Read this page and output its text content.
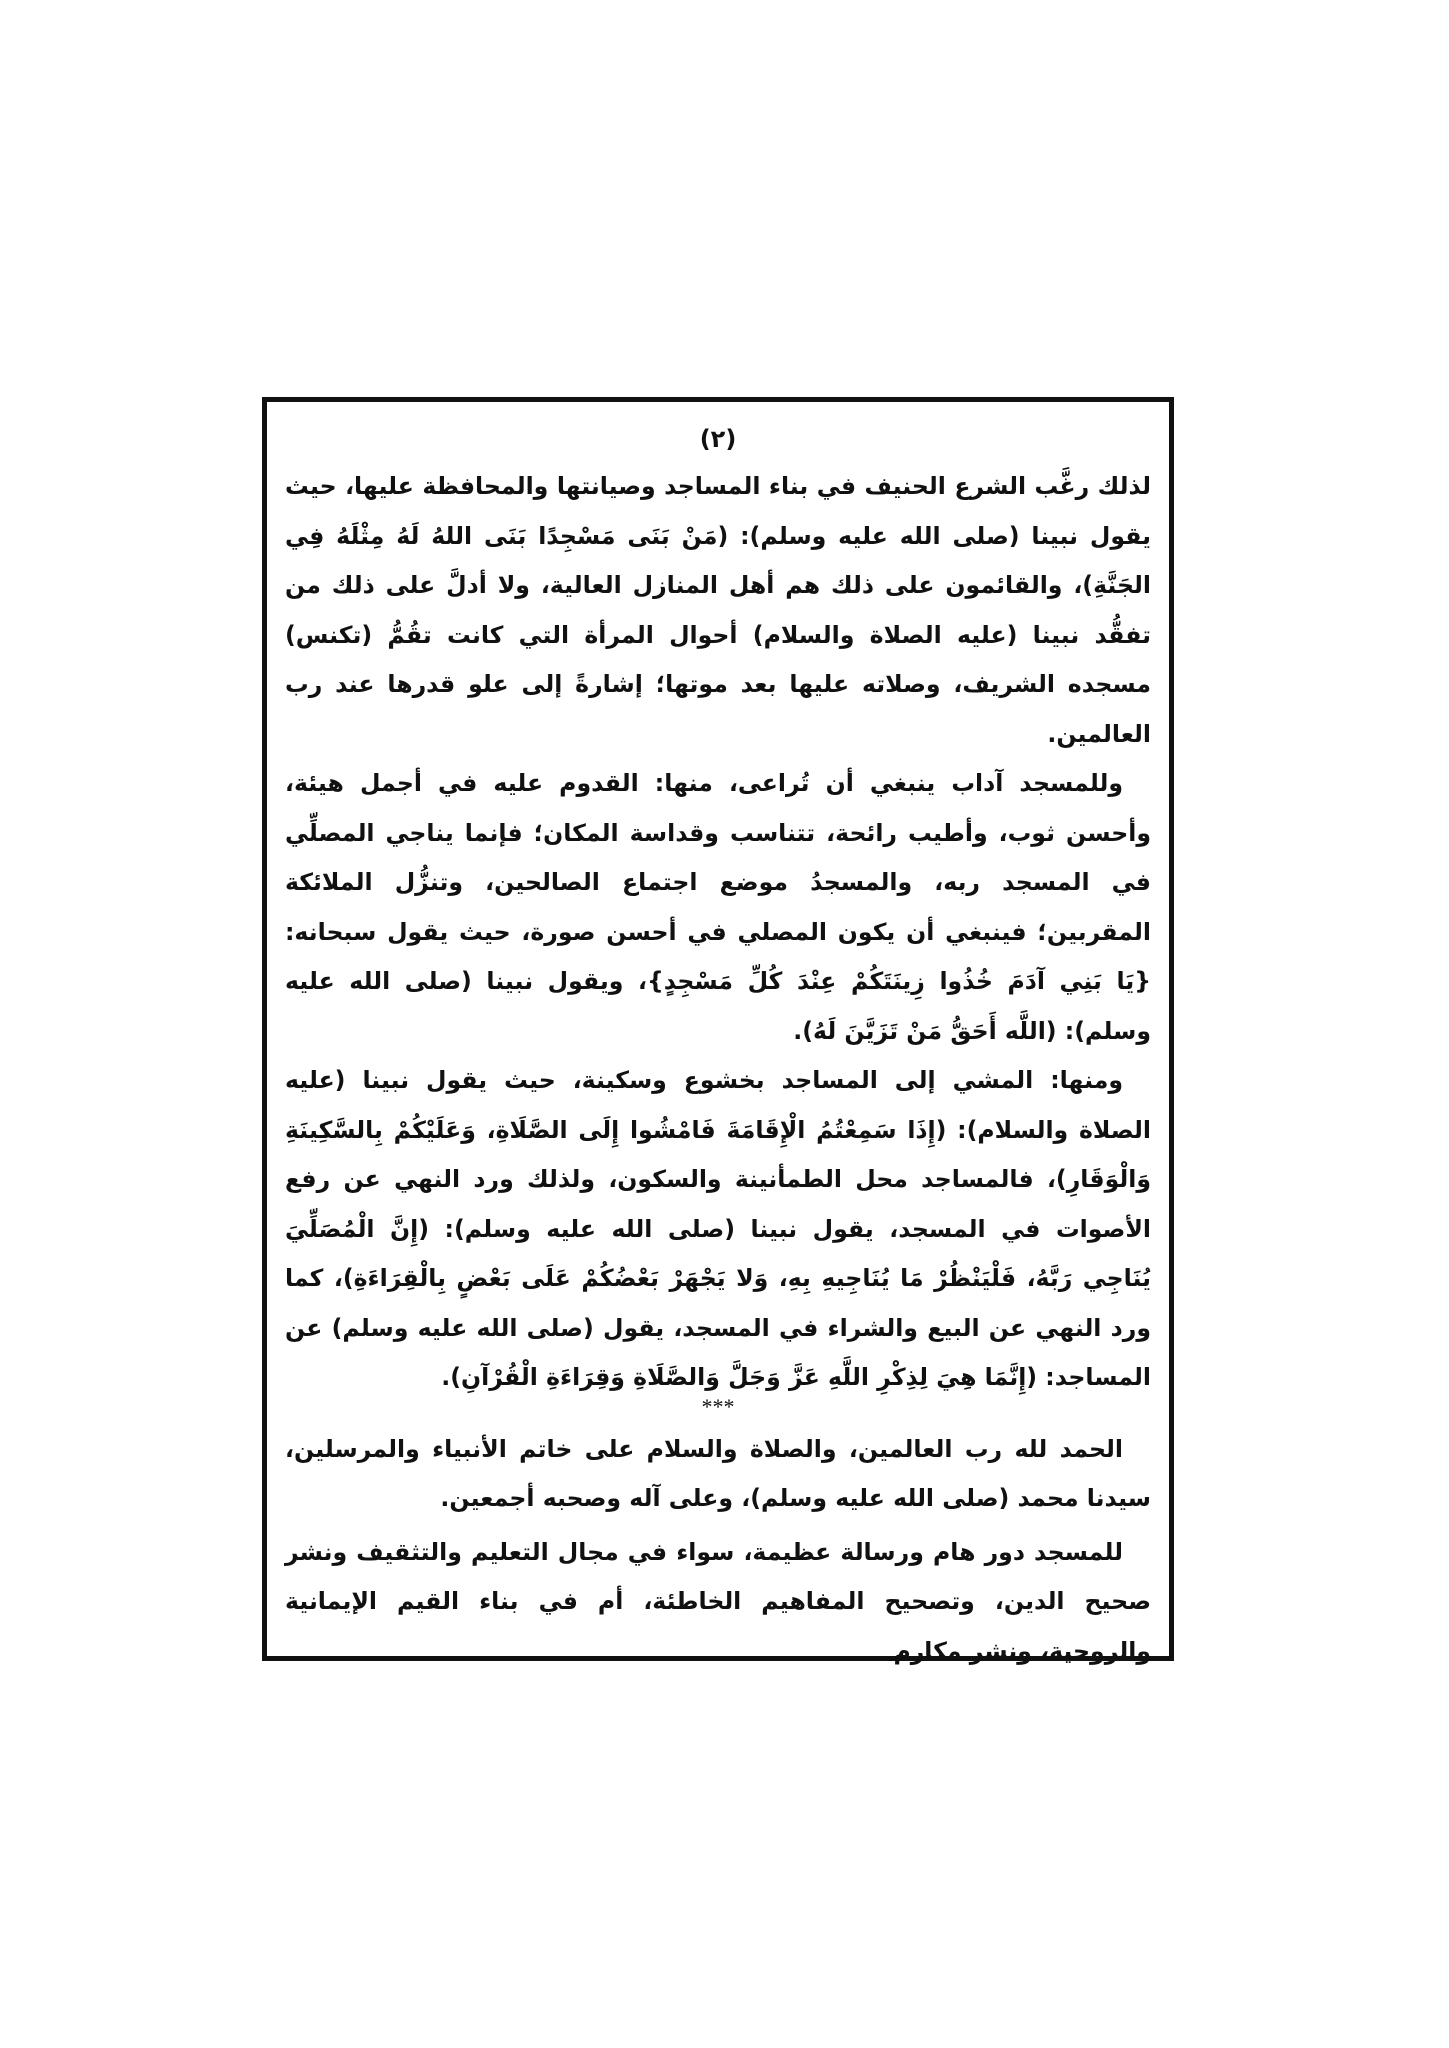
(٢)

لذلك رغَّب الشرع الحنيف في بناء المساجد وصيانتها والمحافظة عليها، حيث يقول نبينا (صلى الله عليه وسلم): (مَنْ بَنَى مَسْجِدًا بَنَى اللهُ لَهُ مِثْلَهُ فِي الجَنَّةِ)، والقائمون على ذلك هم أهل المنازل العالية، ولا أدلَّ على ذلك من تفقُّد نبينا (عليه الصلاة والسلام) أحوال المرأة التي كانت تقُمُّ (تكنس) مسجده الشريف، وصلاته عليها بعد موتها؛ إشارةً إلى علو قدرها عند رب العالمين.

وللمسجد آداب ينبغي أن تُراعى، منها: القدوم عليه في أجمل هيئة، وأحسن ثوب، وأطيب رائحة، تتناسب وقداسة المكان؛ فإنما يناجي المصلِّي في المسجد ربه، والمسجدُ موضع اجتماع الصالحين، وتنزُّل الملائكة المقربين؛ فينبغي أن يكون المصلي في أحسن صورة، حيث يقول سبحانه: {يَا بَنِي آدَمَ خُذُوا زِينَتَكُمْ عِنْدَ كُلِّ مَسْجِدٍ}، ويقول نبينا (صلى الله عليه وسلم): (اللَّه أَحَقُّ مَنْ تَزَيَّنَ لَهُ).

ومنها: المشي إلى المساجد بخشوع وسكينة، حيث يقول نبينا (عليه الصلاة والسلام): (إِذَا سَمِعْتُمُ الْإِقَامَةَ فَامْشُوا إِلَى الصَّلَاةِ، وَعَلَيْكُمْ بِالسَّكِينَةِ وَالْوَقَارِ)، فالمساجد محل الطمأنينة والسكون، ولذلك ورد النهي عن رفع الأصوات في المسجد، يقول نبينا (صلى الله عليه وسلم): (إِنَّ الْمُصَلِّيَ يُنَاجِي رَبَّهُ، فَلْيَنْظُرْ مَا يُنَاجِيهِ بِهِ، وَلا يَجْهَرْ بَعْضُكُمْ عَلَى بَعْضٍ بِالْقِرَاءَةِ)، كما ورد النهي عن البيع والشراء في المسجد، يقول (صلى الله عليه وسلم) عن المساجد: (إِنَّمَا هِيَ لِذِكْرِ اللَّهِ عَزَّ وَجَلَّ وَالصَّلَاةِ وَقِرَاءَةِ الْقُرْآنِ).

***

الحمد لله رب العالمين، والصلاة والسلام على خاتم الأنبياء والمرسلين، سيدنا محمد (صلى الله عليه وسلم)، وعلى آله وصحبه أجمعين.

للمسجد دور هام ورسالة عظيمة، سواء في مجال التعليم والتثقيف ونشر صحيح الدين، وتصحيح المفاهيم الخاطئة، أم في بناء القيم الإيمانية والروحية، ونشر مكارم
